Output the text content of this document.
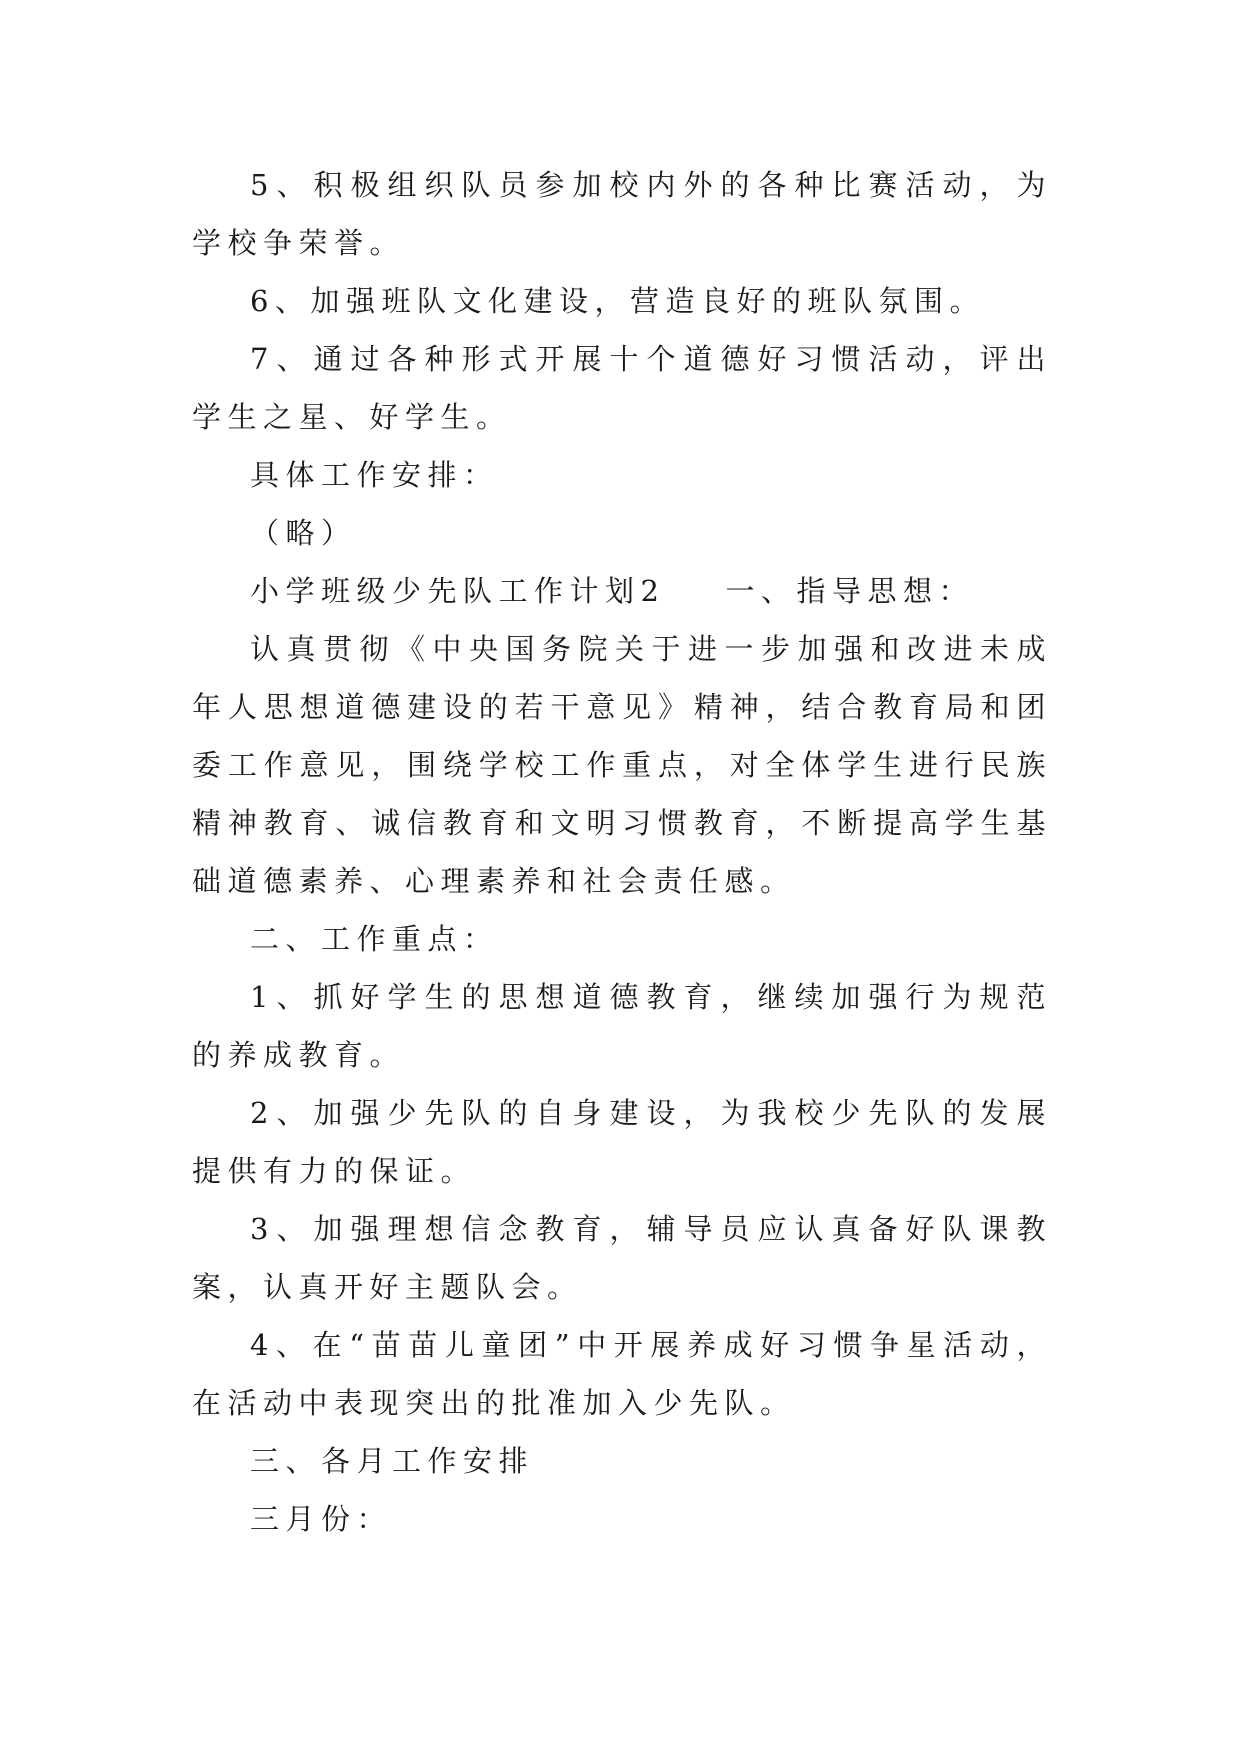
5、积极组织队员参加校内外的各种比赛活动，为学校争荣誉。

6、加强班队文化建设，营造良好的班队氛围。

7、通过各种形式开展十个道德好习惯活动，评出学生之星、好学生。

具体工作安排：

（略）

小学班级少先队工作计划2 一、指导思想：

认真贯彻《中央国务院关于进一步加强和改进未成年人思想道德建设的若干意见》精神，结合教育局和团委工作意见，围绕学校工作重点，对全体学生进行民族精神教育、诚信教育和文明习惯教育，不断提高学生基础道德素养、心理素养和社会责任感。

二、工作重点：

1、抓好学生的思想道德教育，继续加强行为规范的养成教育。

2、加强少先队的自身建设，为我校少先队的发展提供有力的保证。

3、加强理想信念教育，辅导员应认真备好队课教案，认真开好主题队会。

4、在“苗苗儿童团”中开展养成好习惯争星活动，在活动中表现突出的批准加入少先队。

三、各月工作安排

三月份：
